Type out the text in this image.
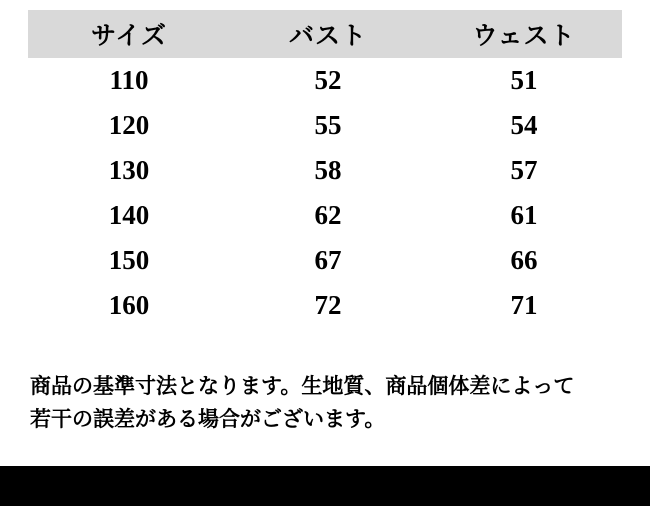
サイズ	バスト	ウェスト
110	52	51
120	55	54
130	58	57
140	62	61
150	67	66
160	72	71
商品の基準寸法となります。生地質、商品個体差によって
若干の誤差がある場合がございます。
